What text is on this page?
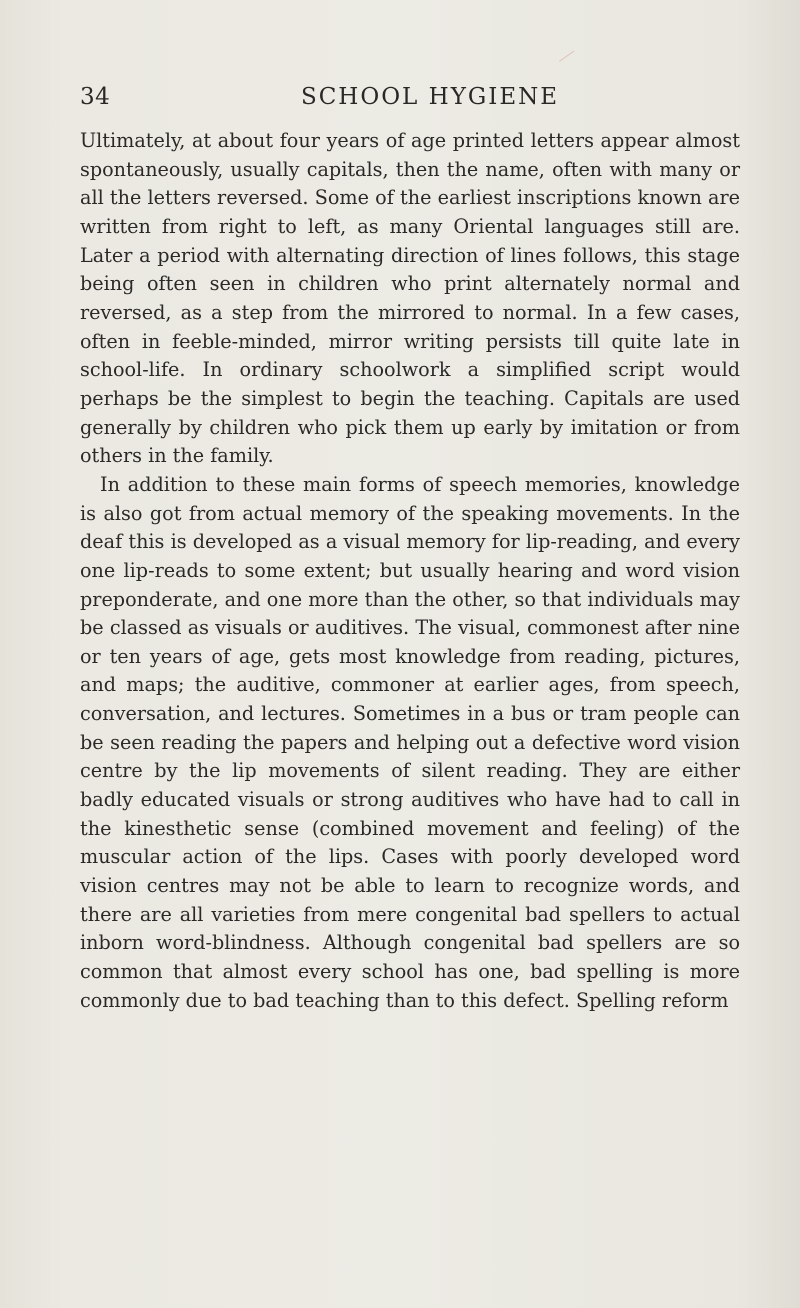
34	SCHOOL HYGIENE

Ultimately, at about four years of age printed letters appear almost spontaneously, usually capitals, then the name, often with many or all the letters reversed. Some of the earliest inscriptions known are written from right to left, as many Oriental languages still are. Later a period with alternating direction of lines follows, this stage being often seen in children who print alternately normal and reversed, as a step from the mirrored to normal. In a few cases, often in feeble-minded, mirror writing persists till quite late in school-life. In ordinary schoolwork a simplified script would perhaps be the simplest to begin the teaching. Capitals are used generally by children who pick them up early by imitation or from others in the family.

In addition to these main forms of speech memories, knowledge is also got from actual memory of the speaking movements. In the deaf this is developed as a visual memory for lip-reading, and every one lip-reads to some extent; but usually hearing and word vision preponderate, and one more than the other, so that individuals may be classed as visuals or auditives. The visual, commonest after nine or ten years of age, gets most knowledge from reading, pictures, and maps; the auditive, commoner at earlier ages, from speech, conversation, and lectures. Sometimes in a bus or tram people can be seen reading the papers and helping out a defective word vision centre by the lip movements of silent reading. They are either badly educated visuals or strong auditives who have had to call in the kinesthetic sense (combined movement and feeling) of the muscular action of the lips. Cases with poorly developed word vision centres may not be able to learn to recognize words, and there are all varieties from mere congenital bad spellers to actual inborn word-blindness. Although congenital bad spellers are so common that almost every school has one, bad spelling is more commonly due to bad teaching than to this defect. Spelling reform
